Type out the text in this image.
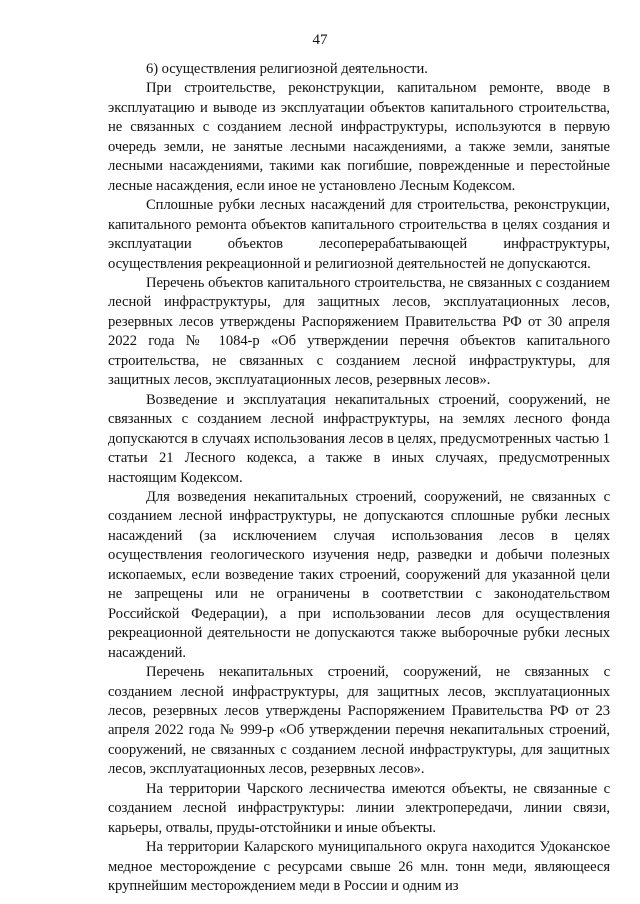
47

6) осуществления религиозной деятельности.

При строительстве, реконструкции, капитальном ремонте, вводе в эксплуатацию и выводе из эксплуатации объектов капитального строительства, не связанных с созданием лесной инфраструктуры, используются в первую очередь земли, не занятые лесными насаждениями, а также земли, занятые лесными насаждениями, такими как погибшие, поврежденные и перестойные лесные насаждения, если иное не установлено Лесным Кодексом.

Сплошные рубки лесных насаждений для строительства, реконструкции, капитального ремонта объектов капитального строительства в целях создания и эксплуатации объектов лесоперерабатывающей инфраструктуры, осуществления рекреационной и религиозной деятельностей не допускаются.

Перечень объектов капитального строительства, не связанных с созданием лесной инфраструктуры, для защитных лесов, эксплуатационных лесов, резервных лесов утверждены Распоряжением Правительства РФ от 30 апреля 2022 года № 1084-р «Об утверждении перечня объектов капитального строительства, не связанных с созданием лесной инфраструктуры, для защитных лесов, эксплуатационных лесов, резервных лесов».

Возведение и эксплуатация некапитальных строений, сооружений, не связанных с созданием лесной инфраструктуры, на землях лесного фонда допускаются в случаях использования лесов в целях, предусмотренных частью 1 статьи 21 Лесного кодекса, а также в иных случаях, предусмотренных настоящим Кодексом.

Для возведения некапитальных строений, сооружений, не связанных с созданием лесной инфраструктуры, не допускаются сплошные рубки лесных насаждений (за исключением случая использования лесов в целях осуществления геологического изучения недр, разведки и добычи полезных ископаемых, если возведение таких строений, сооружений для указанной цели не запрещены или не ограничены в соответствии с законодательством Российской Федерации), а при использовании лесов для осуществления рекреационной деятельности не допускаются также выборочные рубки лесных насаждений.

Перечень некапитальных строений, сооружений, не связанных с созданием лесной инфраструктуры, для защитных лесов, эксплуатационных лесов, резервных лесов утверждены Распоряжением Правительства РФ от 23 апреля 2022 года № 999-р «Об утверждении перечня некапитальных строений, сооружений, не связанных с созданием лесной инфраструктуры, для защитных лесов, эксплуатационных лесов, резервных лесов».

На территории Чарского лесничества имеются объекты, не связанные с созданием лесной инфраструктуры: линии электропередачи, линии связи, карьеры, отвалы, пруды-отстойники и иные объекты.

На территории Каларского муниципального округа находится Удоканское медное месторождение с ресурсами свыше 26 млн. тонн меди, являющееся крупнейшим месторождением меди в России и одним из
